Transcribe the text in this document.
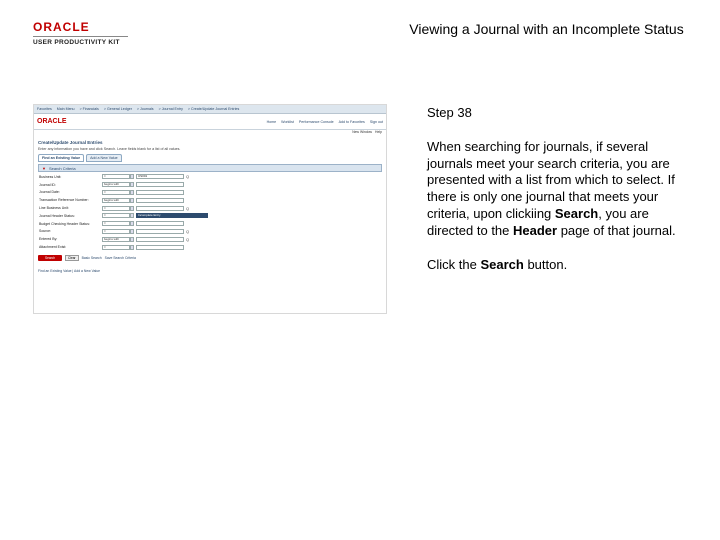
ORACLE
USER PRODUCTIVITY KIT
Viewing a Journal with an Incomplete Status
Favorites Main Menu > Financials > General Ledger > Journals > Journal Entry > Create/Update Journal Entries
ORACLE	Home Worklist Performance Console Add to Favorites Sign out
New Window Help
Create/Update Journal Entries
Enter any information you have and click Search. Leave fields blank for a list of all values.
Find an Existing Value	Add a New Value
▼ Search Criteria
Business Unit:	=	US001	Q
Journal ID:	begins with
Journal Date:	=
Transaction Reference Number:	begins with
Line Business Unit:	=	Q
Journal Header Status:	=	Incomplete Entry
Budget Checking Header Status:	=
Source:	=	Q
Entered By:	begins with	Q
Attachment Exist:	=
Search	Clear	Basic Search Save Search Criteria
Find an Existing Value | Add a New Value
Step 38
When searching for journals, if several journals meet your search criteria, you are presented with a list from which to select. If there is only one journal that meets your criteria, upon clickiing Search, you are directed to the Header page of that journal.
Click the Search button.
